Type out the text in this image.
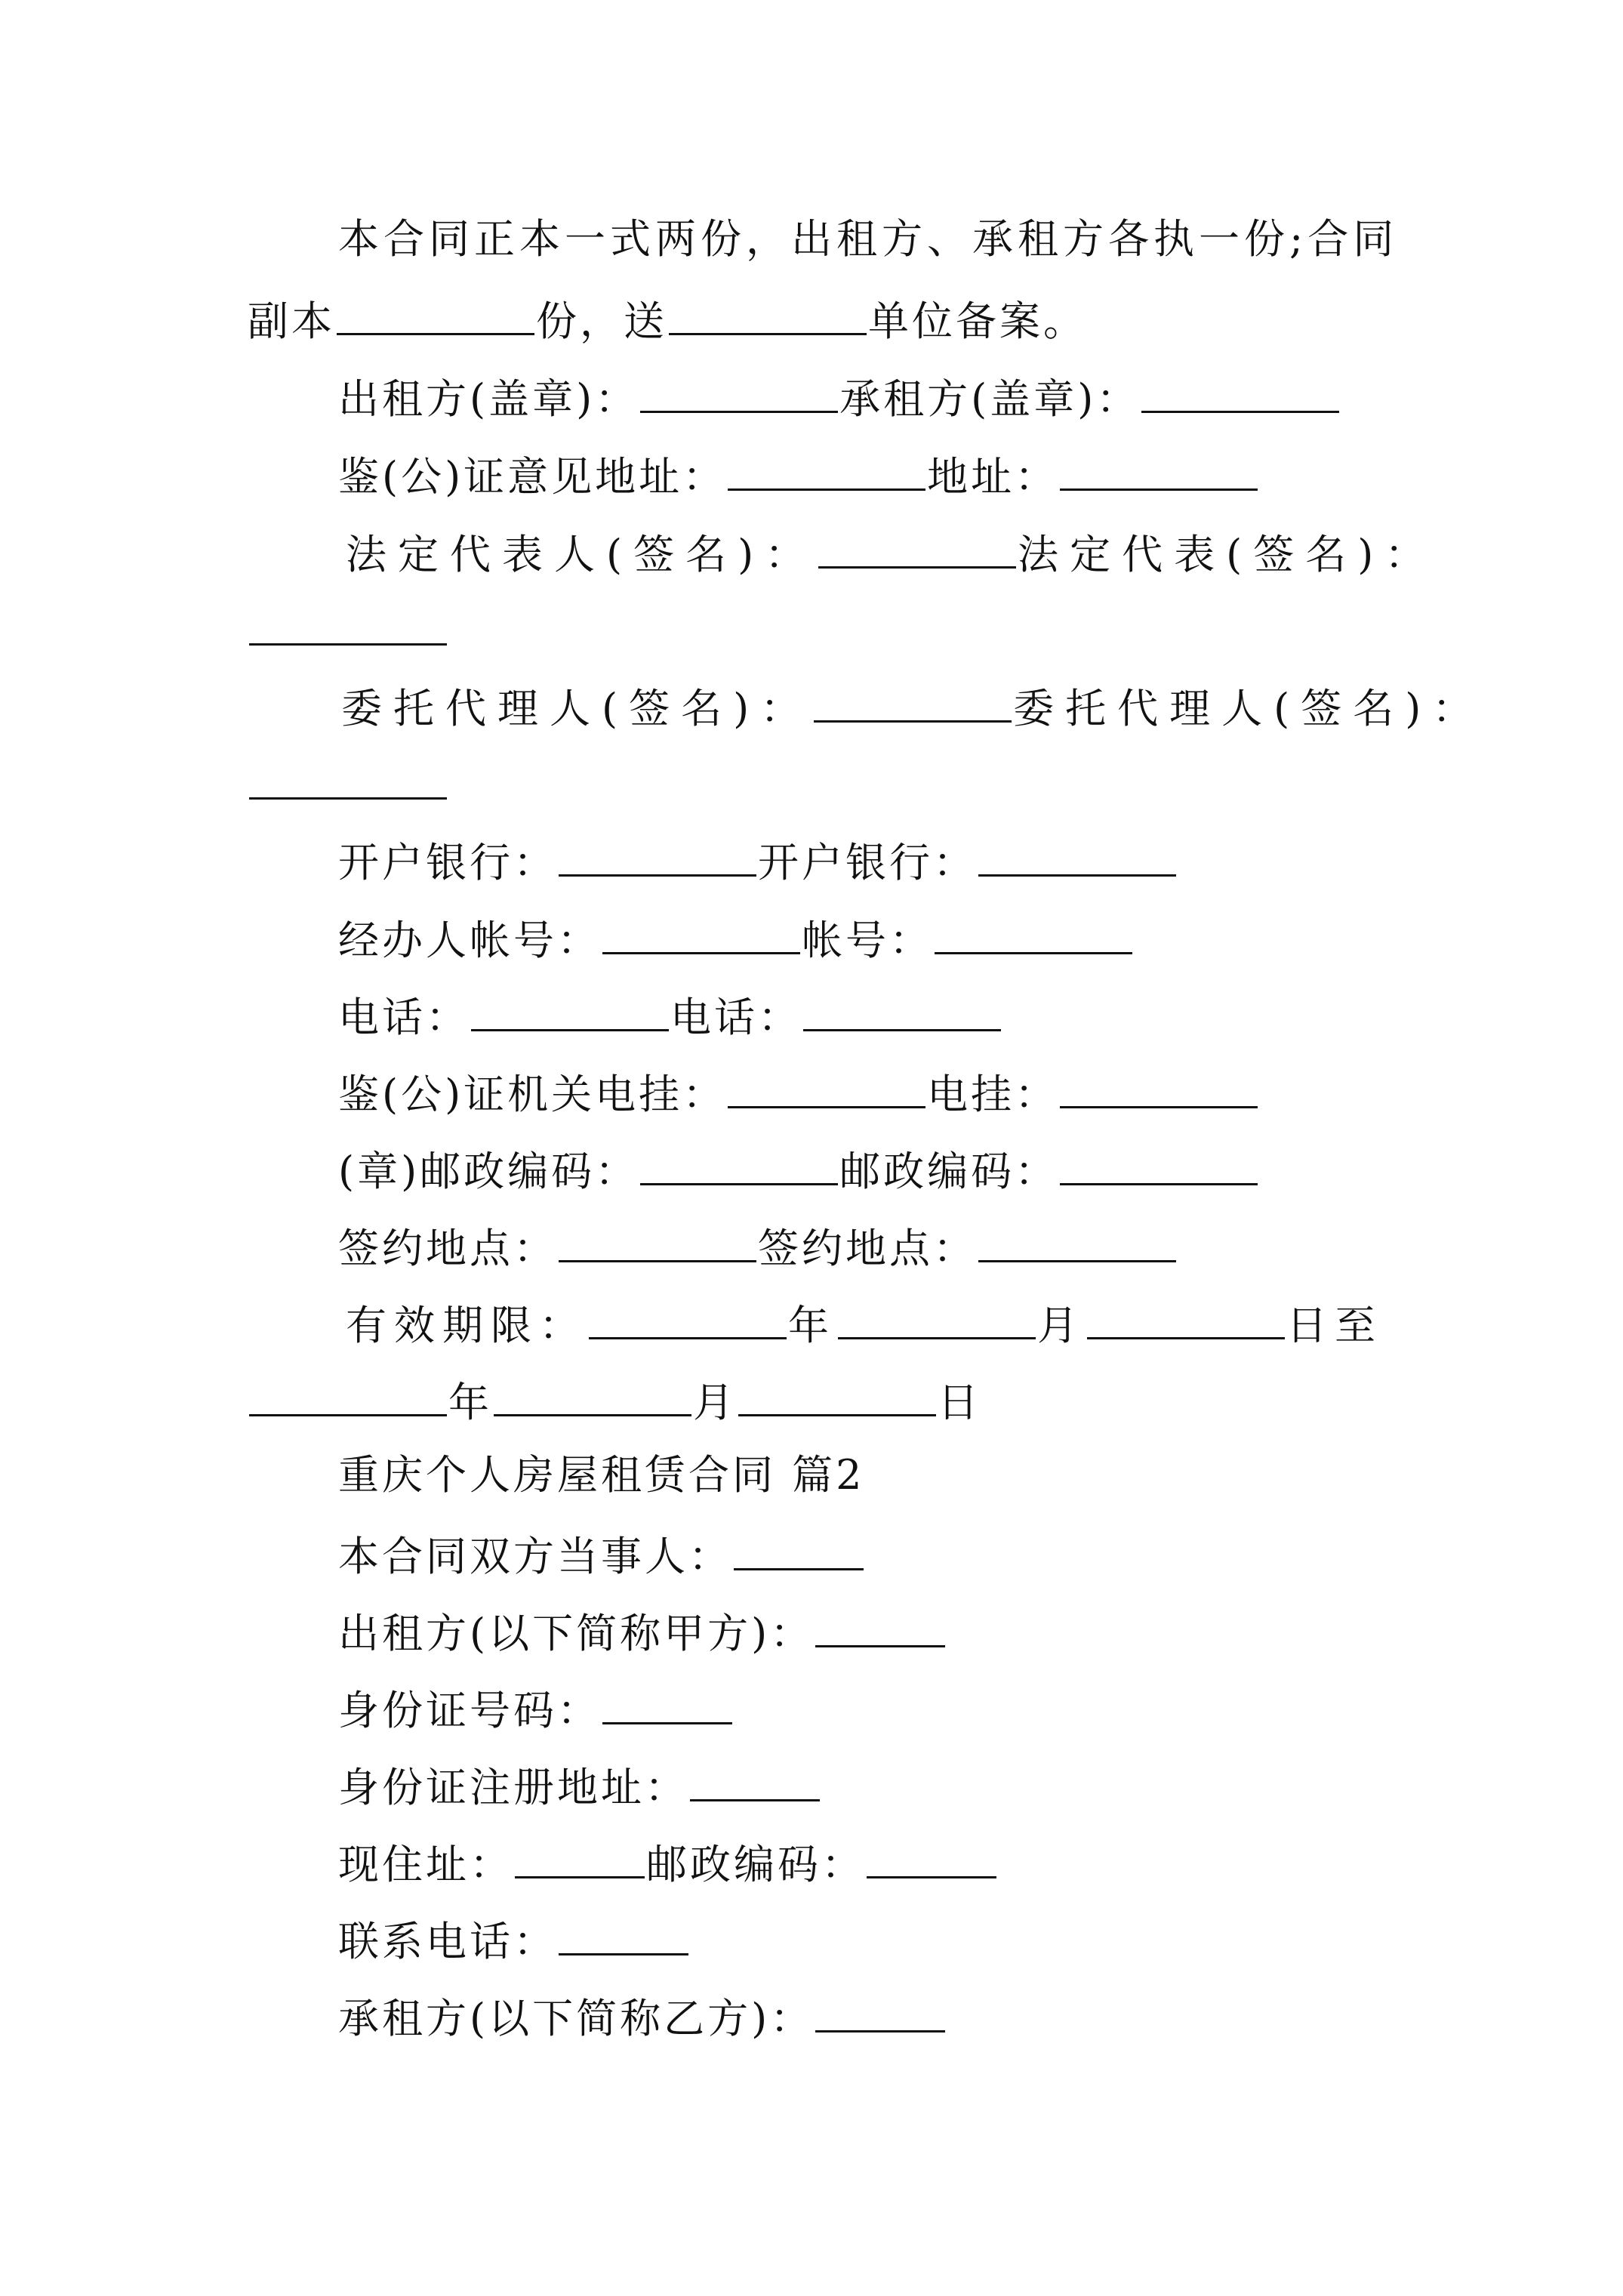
本合同正本一式两份，出租方、承租方各执一份;合同
副本	份，送	单位备案。
出租方(盖章)：	承租方(盖章)：
鉴(公)证意见地址：	地址：
法定代表人(签名)：	法定代表(签名)：
委托代理人(签名)：	委托代理人(签名)：
开户银行：	开户银行：
经办人帐号：	帐号：
电话：	电话：
鉴(公)证机关电挂：	电挂：
(章)邮政编码：	邮政编码：
签约地点：	签约地点：
有效期限：	年	月	日至
年	月	日
重庆个人房屋租赁合同 篇2
本合同双方当事人：
出租方(以下简称甲方)：
身份证号码：
身份证注册地址：
现住址：	邮政编码：
联系电话：
承租方(以下简称乙方)：
